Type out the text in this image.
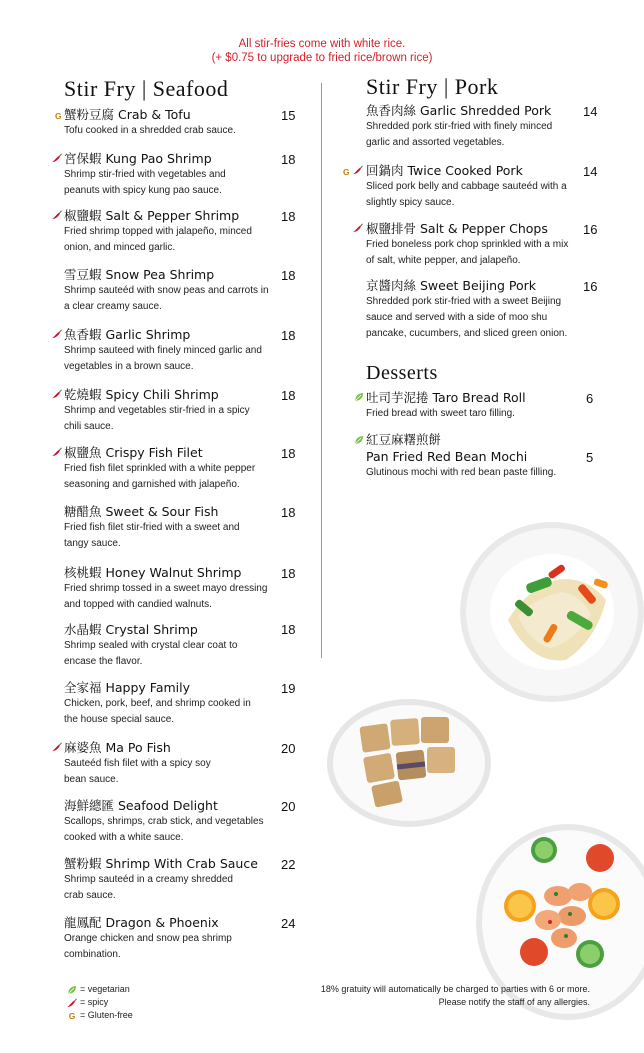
All stir-fries come with white rice.
(+ $0.75 to upgrade to fried rice/brown rice)
Stir Fry | Seafood	Stir Fry | Pork
Desserts
蟹粉豆腐 Crab & Tofu
Tofu cooked in a shredded crab sauce.
15
G
宮保蝦 Kung Pao Shrimp
Shrimp stir-fried with vegetables and peanuts with spicy kung pao sauce.
18
椒鹽蝦 Salt & Pepper Shrimp
Fried shrimp topped with jalapeño, minced onion, and minced garlic.
18
雪豆蝦 Snow Pea Shrimp
Shrimp sauteéd with snow peas and carrots in a clear creamy sauce.
18
魚香蝦 Garlic Shrimp
Shrimp sauteed with finely minced garlic and vegetables in a brown sauce.
18
乾燒蝦 Spicy Chili Shrimp
Shrimp and vegetables stir-fried in a spicy chili sauce.
18
椒鹽魚 Crispy Fish Filet
Fried fish filet sprinkled with a white pepper seasoning and garnished with jalapeño.
18
糖醋魚 Sweet & Sour Fish
Fried fish filet stir-fried with a sweet and tangy sauce.
18
核桃蝦 Honey Walnut Shrimp
Fried shrimp tossed in a sweet mayo dressing and topped with candied walnuts.
18
水晶蝦 Crystal Shrimp
Shrimp sealed with crystal clear coat to encase the flavor.
18
全家福 Happy Family
Chicken, pork, beef, and shrimp cooked in the house special sauce.
19
麻婆魚 Ma Po Fish
Sauteéd fish filet with a spicy soy bean sauce.
20
海鮮總匯 Seafood Delight
Scallops, shrimps, crab stick, and vegetables cooked with a white sauce.
20
蟹粉蝦 Shrimp With Crab Sauce
Shrimp sauteéd in a creamy shredded crab sauce.
22
龍鳳配 Dragon & Phoenix
Orange chicken and snow pea shrimp combination.
24
魚香肉絲 Garlic Shredded Pork
Shredded pork stir-fried with finely minced garlic and assorted vegetables.
14
回鍋肉 Twice Cooked Pork
Sliced pork belly and cabbage sauteéd with a slightly spicy sauce.
14
G
椒鹽排骨 Salt & Pepper Chops
Fried boneless pork chop sprinkled with a mix of salt, white pepper, and jalapeño.
16
京醬肉絲 Sweet Beijing Pork
Shredded pork stir-fried with a sweet Beijing sauce and served with a side of moo shu pancake, cucumbers, and sliced green onion.
16
吐司芋泥捲 Taro Bread Roll
Fried bread with sweet taro filling.
6
紅豆麻糬煎餅
Pan Fried Red Bean Mochi
Glutinous mochi with red bean paste filling.
5
= vegetarian
= spicy
G = Gluten-free
18% gratuity will automatically be charged to parties with 6 or more.
Please notify the staff of any allergies.
